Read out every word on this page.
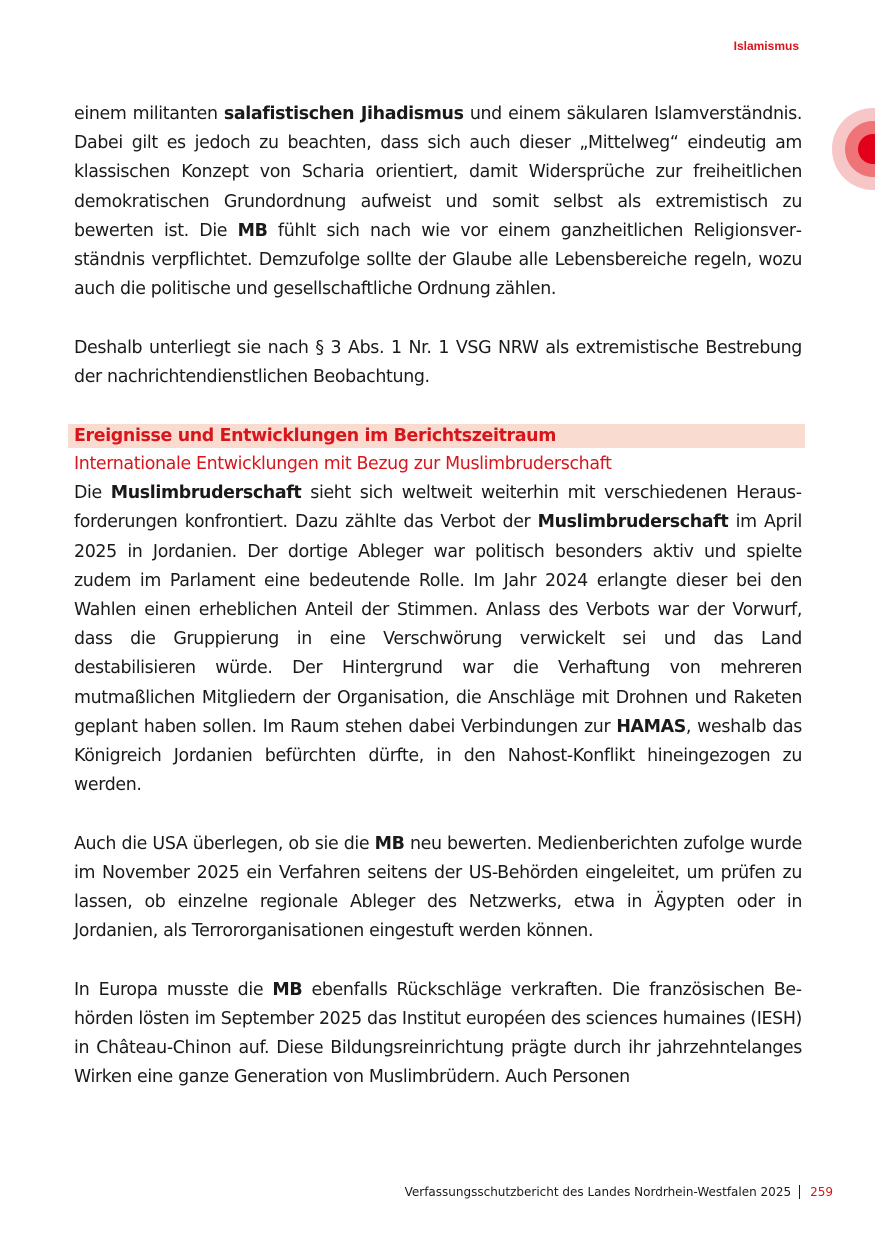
Islamismus

einem militanten salafistischen Jihadismus und einem säkularen Islamverständnis. Dabei gilt es jedoch zu beachten, dass sich auch dieser „Mittelweg“ eindeutig am klassischen Konzept von Scharia orientiert, damit Widersprüche zur freiheitlichen demokratischen Grundordnung aufweist und somit selbst als extremistisch zu bewerten ist. Die MB fühlt sich nach wie vor einem ganzheitlichen Religionsverständnis verpflichtet. Demzufolge sollte der Glaube alle Lebensbereiche regeln, wozu auch die politische und gesellschaftliche Ordnung zählen.

Deshalb unterliegt sie nach § 3 Abs. 1 Nr. 1 VSG NRW als extremistische Bestrebung der nachrichtendienstlichen Beobachtung.

Ereignisse und Entwicklungen im Berichtszeitraum
Internationale Entwicklungen mit Bezug zur Muslimbruderschaft

Die Muslimbruderschaft sieht sich weltweit weiterhin mit verschiedenen Herausforderungen konfrontiert. Dazu zählte das Verbot der Muslimbruderschaft im April 2025 in Jordanien. Der dortige Ableger war politisch besonders aktiv und spielte zudem im Parlament eine bedeutende Rolle. Im Jahr 2024 erlangte dieser bei den Wahlen einen erheblichen Anteil der Stimmen. Anlass des Verbots war der Vorwurf, dass die Gruppierung in eine Verschwörung verwickelt sei und das Land destabilisieren würde. Der Hintergrund war die Verhaftung von mehreren mutmaßlichen Mitgliedern der Organisation, die Anschläge mit Drohnen und Raketen geplant haben sollen. Im Raum stehen dabei Verbindungen zur HAMAS, weshalb das Königreich Jordanien befürchten dürfte, in den Nahost-Konflikt hineingezogen zu werden.

Auch die USA überlegen, ob sie die MB neu bewerten. Medienberichten zufolge wurde im November 2025 ein Verfahren seitens der US-Behörden eingeleitet, um prüfen zu lassen, ob einzelne regionale Ableger des Netzwerks, etwa in Ägypten oder in Jordanien, als Terrororganisationen eingestuft werden können.

In Europa musste die MB ebenfalls Rückschläge verkraften. Die französischen Behörden lösten im September 2025 das Institut européen des sciences humaines (IESH) in Château-Chinon auf. Diese Bildungsreinrichtung prägte durch ihr jahrzehntelanges Wirken eine ganze Generation von Muslimbrüdern. Auch Personen

Verfassungsschutzbericht des Landes Nordrhein-Westfalen 2025 259
